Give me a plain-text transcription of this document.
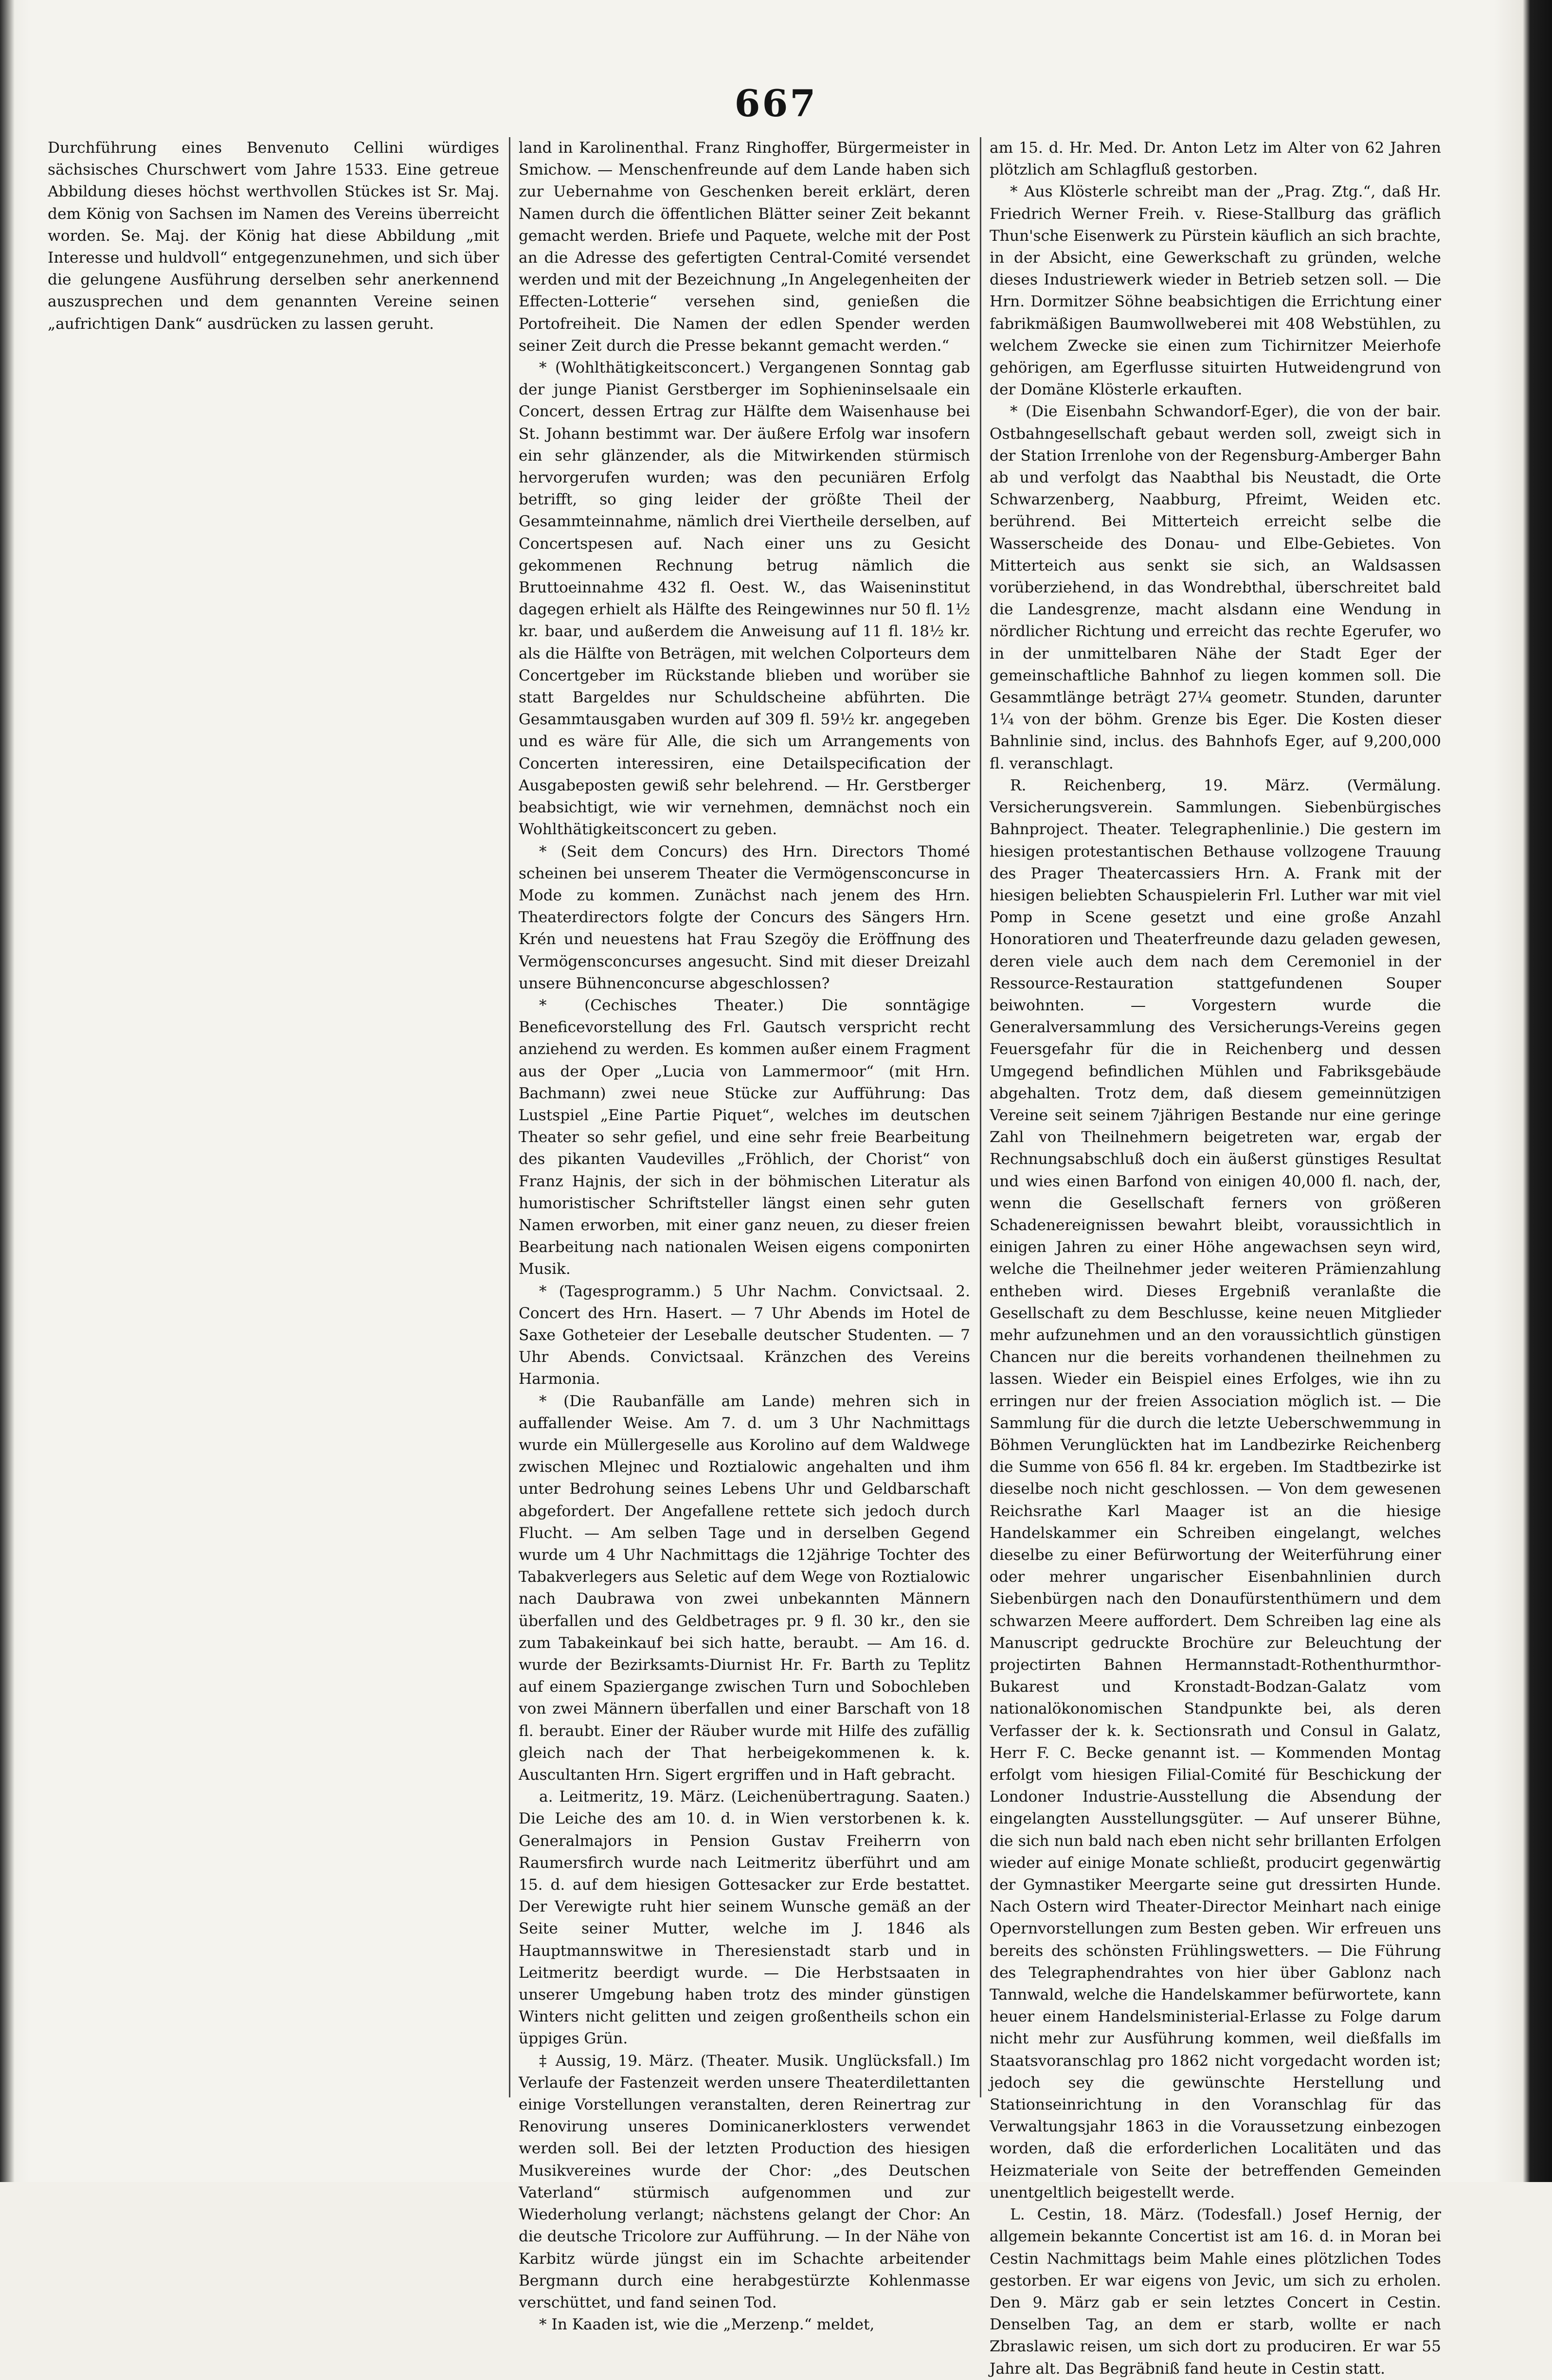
667

Durchführung eines Benvenuto Cellini würdiges sächsisches Churschwert vom Jahre 1533. Eine getreue Abbildung dieses höchst werthvollen Stückes ist Sr. Maj. dem König von Sachsen im Namen des Vereins überreicht worden. Se. Maj. der König hat diese Abbildung „mit Interesse und huldvoll“ entgegenzunehmen, und sich über die gelungene Ausführung derselben sehr anerkennend auszusprechen und dem genannten Vereine seinen „aufrichtigen Dank“ ausdrücken zu lassen geruht.

land in Karolinenthal. Franz Ringhoffer, Bürgermeister in Smichow. — Menschenfreunde auf dem Lande haben sich zur Uebernahme von Geschenken bereit erklärt, deren Namen durch die öffentlichen Blätter seiner Zeit bekannt gemacht werden. Briefe und Paquete, welche mit der Post an die Adresse des gefertigten Central-Comité versendet werden und mit der Bezeichnung „In Angelegenheiten der Effecten-Lotterie“ versehen sind, genießen die Portofreiheit. Die Namen der edlen Spender werden seiner Zeit durch die Presse bekannt gemacht werden.“

* (Wohlthätigkeitsconcert.) Vergangenen Sonntag gab der junge Pianist Gerstberger im Sophieninselsaale ein Concert, dessen Ertrag zur Hälfte dem Waisenhause bei St. Johann bestimmt war. Der äußere Erfolg war insofern ein sehr glänzender, als die Mitwirkenden stürmisch hervorgerufen wurden; was den pecuniären Erfolg betrifft, so ging leider der größte Theil der Gesammteinnahme, nämlich drei Viertheile derselben, auf Concertspesen auf. Nach einer uns zu Gesicht gekommenen Rechnung betrug nämlich die Bruttoeinnahme 432 fl. Oest. W., das Waiseninstitut dagegen erhielt als Hälfte des Reingewinnes nur 50 fl. 1½ kr. baar, und außerdem die Anweisung auf 11 fl. 18½ kr. als die Hälfte von Beträgen, mit welchen Colporteurs dem Concertgeber im Rückstande blieben und worüber sie statt Bargeldes nur Schuldscheine abführten. Die Gesammtausgaben wurden auf 309 fl. 59½ kr. angegeben und es wäre für Alle, die sich um Arrangements von Concerten interessiren, eine Detailspecification der Ausgabeposten gewiß sehr belehrend. — Hr. Gerstberger beabsichtigt, wie wir vernehmen, demnächst noch ein Wohlthätigkeitsconcert zu geben.

* (Seit dem Concurs) des Hrn. Directors Thomé scheinen bei unserem Theater die Vermögensconcurse in Mode zu kommen. Zunächst nach jenem des Hrn. Theaterdirectors folgte der Concurs des Sängers Hrn. Krén und neuestens hat Frau Szegöy die Eröffnung des Vermögensconcurses angesucht. Sind mit dieser Dreizahl unsere Bühnenconcurse abgeschlossen?

* (Cechisches Theater.) Die sonntägige Beneficevorstellung des Frl. Gautsch verspricht recht anziehend zu werden. Es kommen außer einem Fragment aus der Oper „Lucia von Lammermoor“ (mit Hrn. Bachmann) zwei neue Stücke zur Aufführung: Das Lustspiel „Eine Partie Piquet“, welches im deutschen Theater so sehr gefiel, und eine sehr freie Bearbeitung des pikanten Vaudevilles „Fröhlich, der Chorist“ von Franz Hajnis, der sich in der böhmischen Literatur als humoristischer Schriftsteller längst einen sehr guten Namen erworben, mit einer ganz neuen, zu dieser freien Bearbeitung nach nationalen Weisen eigens componirten Musik.

* (Tagesprogramm.) 5 Uhr Nachm. Convictsaal. 2. Concert des Hrn. Hasert. — 7 Uhr Abends im Hotel de Saxe Gotheteier der Leseballe deutscher Studenten. — 7 Uhr Abends. Convictsaal. Kränzchen des Vereins Harmonia.

* (Die Raubanfälle am Lande) mehren sich in auffallender Weise. Am 7. d. um 3 Uhr Nachmittags wurde ein Müllergeselle aus Korolino auf dem Waldwege zwischen Mlejnec und Roztialowic angehalten und ihm unter Bedrohung seines Lebens Uhr und Geldbarschaft abgefordert. Der Angefallene rettete sich jedoch durch Flucht. — Am selben Tage und in derselben Gegend wurde um 4 Uhr Nachmittags die 12jährige Tochter des Tabakverlegers aus Seletic auf dem Wege von Roztialowic nach Daubrawa von zwei unbekannten Männern überfallen und des Geldbetrages pr. 9 fl. 30 kr., den sie zum Tabakeinkauf bei sich hatte, beraubt. — Am 16. d. wurde der Bezirksamts-Diurnist Hr. Fr. Barth zu Teplitz auf einem Spaziergange zwischen Turn und Sobochleben von zwei Männern überfallen und einer Barschaft von 18 fl. beraubt. Einer der Räuber wurde mit Hilfe des zufällig gleich nach der That herbeigekommenen k. k. Auscultanten Hrn. Sigert ergriffen und in Haft gebracht.

a. Leitmeritz, 19. März. (Leichenübertragung. Saaten.) Die Leiche des am 10. d. in Wien verstorbenen k. k. Generalmajors in Pension Gustav Freiherrn von Raumersfirch wurde nach Leitmeritz überführt und am 15. d. auf dem hiesigen Gottesacker zur Erde bestattet. Der Verewigte ruht hier seinem Wunsche gemäß an der Seite seiner Mutter, welche im J. 1846 als Hauptmannswitwe in Theresienstadt starb und in Leitmeritz beerdigt wurde. — Die Herbstsaaten in unserer Umgebung haben trotz des minder günstigen Winters nicht gelitten und zeigen großentheils schon ein üppiges Grün.

‡ Aussig, 19. März. (Theater. Musik. Unglücksfall.) Im Verlaufe der Fastenzeit werden unsere Theaterdilettanten einige Vorstellungen veranstalten, deren Reinertrag zur Renovirung unseres Dominicanerklosters verwendet werden soll. Bei der letzten Production des hiesigen Musikvereines wurde der Chor: „des Deutschen Vaterland“ stürmisch aufgenommen und zur Wiederholung verlangt; nächstens gelangt der Chor: An die deutsche Tricolore zur Aufführung. — In der Nähe von Karbitz würde jüngst ein im Schachte arbeitender Bergmann durch eine herabgestürzte Kohlenmasse verschüttet, und fand seinen Tod.

* In Kaaden ist, wie die „Merzenp.“ meldet,

am 15. d. Hr. Med. Dr. Anton Letz im Alter von 62 Jahren plötzlich am Schlagfluß gestorben.

* Aus Klösterle schreibt man der „Prag. Ztg.“, daß Hr. Friedrich Werner Freih. v. Riese-Stallburg das gräflich Thun'sche Eisenwerk zu Pürstein käuflich an sich brachte, in der Absicht, eine Gewerkschaft zu gründen, welche dieses Industriewerk wieder in Betrieb setzen soll. — Die Hrn. Dormitzer Söhne beabsichtigen die Errichtung einer fabrikmäßigen Baumwollweberei mit 408 Webstühlen, zu welchem Zwecke sie einen zum Tichirnitzer Meierhofe gehörigen, am Egerflusse situirten Hutweidengrund von der Domäne Klösterle erkauften.

* (Die Eisenbahn Schwandorf-Eger), die von der bair. Ostbahngesellschaft gebaut werden soll, zweigt sich in der Station Irrenlohe von der Regensburg-Amberger Bahn ab und verfolgt das Naabthal bis Neustadt, die Orte Schwarzenberg, Naabburg, Pfreimt, Weiden etc. berührend. Bei Mitterteich erreicht selbe die Wasserscheide des Donau- und Elbe-Gebietes. Von Mitterteich aus senkt sie sich, an Waldsassen vorüberziehend, in das Wondrebthal, überschreitet bald die Landesgrenze, macht alsdann eine Wendung in nördlicher Richtung und erreicht das rechte Egerufer, wo in der unmittelbaren Nähe der Stadt Eger der gemeinschaftliche Bahnhof zu liegen kommen soll. Die Gesammtlänge beträgt 27¼ geometr. Stunden, darunter 1¼ von der böhm. Grenze bis Eger. Die Kosten dieser Bahnlinie sind, inclus. des Bahnhofs Eger, auf 9,200,000 fl. veranschlagt.

R. Reichenberg, 19. März. (Vermälung. Versicherungsverein. Sammlungen. Siebenbürgisches Bahnproject. Theater. Telegraphenlinie.) Die gestern im hiesigen protestantischen Bethause vollzogene Trauung des Prager Theatercassiers Hrn. A. Frank mit der hiesigen beliebten Schauspielerin Frl. Luther war mit viel Pomp in Scene gesetzt und eine große Anzahl Honoratioren und Theaterfreunde dazu geladen gewesen, deren viele auch dem nach dem Ceremoniel in der Ressource-Restauration stattgefundenen Souper beiwohnten. — Vorgestern wurde die Generalversammlung des Versicherungs-Vereins gegen Feuersgefahr für die in Reichenberg und dessen Umgegend befindlichen Mühlen und Fabriksgebäude abgehalten. Trotz dem, daß diesem gemeinnützigen Vereine seit seinem 7jährigen Bestande nur eine geringe Zahl von Theilnehmern beigetreten war, ergab der Rechnungsabschluß doch ein äußerst günstiges Resultat und wies einen Barfond von einigen 40,000 fl. nach, der, wenn die Gesellschaft ferners von größeren Schadenereignissen bewahrt bleibt, voraussichtlich in einigen Jahren zu einer Höhe angewachsen seyn wird, welche die Theilnehmer jeder weiteren Prämienzahlung entheben wird. Dieses Ergebniß veranlaßte die Gesellschaft zu dem Beschlusse, keine neuen Mitglieder mehr aufzunehmen und an den voraussichtlich günstigen Chancen nur die bereits vorhandenen theilnehmen zu lassen. Wieder ein Beispiel eines Erfolges, wie ihn zu erringen nur der freien Association möglich ist. — Die Sammlung für die durch die letzte Ueberschwemmung in Böhmen Verunglückten hat im Landbezirke Reichenberg die Summe von 656 fl. 84 kr. ergeben. Im Stadtbezirke ist dieselbe noch nicht geschlossen. — Von dem gewesenen Reichsrathe Karl Maager ist an die hiesige Handelskammer ein Schreiben eingelangt, welches dieselbe zu einer Befürwortung der Weiterführung einer oder mehrer ungarischer Eisenbahnlinien durch Siebenbürgen nach den Donaufürstenthümern und dem schwarzen Meere auffordert. Dem Schreiben lag eine als Manuscript gedruckte Brochüre zur Beleuchtung der projectirten Bahnen Hermannstadt-Rothenthurmthor-Bukarest und Kronstadt-Bodzan-Galatz vom nationalökonomischen Standpunkte bei, als deren Verfasser der k. k. Sectionsrath und Consul in Galatz, Herr F. C. Becke genannt ist. — Kommenden Montag erfolgt vom hiesigen Filial-Comité für Beschickung der Londoner Industrie-Ausstellung die Absendung der eingelangten Ausstellungsgüter. — Auf unserer Bühne, die sich nun bald nach eben nicht sehr brillanten Erfolgen wieder auf einige Monate schließt, producirt gegenwärtig der Gymnastiker Meergarte seine gut dressirten Hunde. Nach Ostern wird Theater-Director Meinhart nach einige Opernvorstellungen zum Besten geben. Wir erfreuen uns bereits des schönsten Frühlingswetters. — Die Führung des Telegraphendrahtes von hier über Gablonz nach Tannwald, welche die Handelskammer befürwortete, kann heuer einem Handelsministerial-Erlasse zu Folge darum nicht mehr zur Ausführung kommen, weil dießfalls im Staatsvoranschlag pro 1862 nicht vorgedacht worden ist; jedoch sey die gewünschte Herstellung und Stationseinrichtung in den Voranschlag für das Verwaltungsjahr 1863 in die Voraussetzung einbezogen worden, daß die erforderlichen Localitäten und das Heizmateriale von Seite der betreffenden Gemeinden unentgeltlich beigestellt werde.

L. Cestin, 18. März. (Todesfall.) Josef Hernig, der allgemein bekannte Concertist ist am 16. d. in Moran bei Cestin Nachmittags beim Mahle eines plötzlichen Todes gestorben. Er war eigens von Jevic, um sich zu erholen. Den 9. März gab er sein letztes Concert in Cestin. Denselben Tag, an dem er starb, wollte er nach Zbraslawic reisen, um sich dort zu produciren. Er war 55 Jahre alt. Das Begräbniß fand heute in Cestin statt.
